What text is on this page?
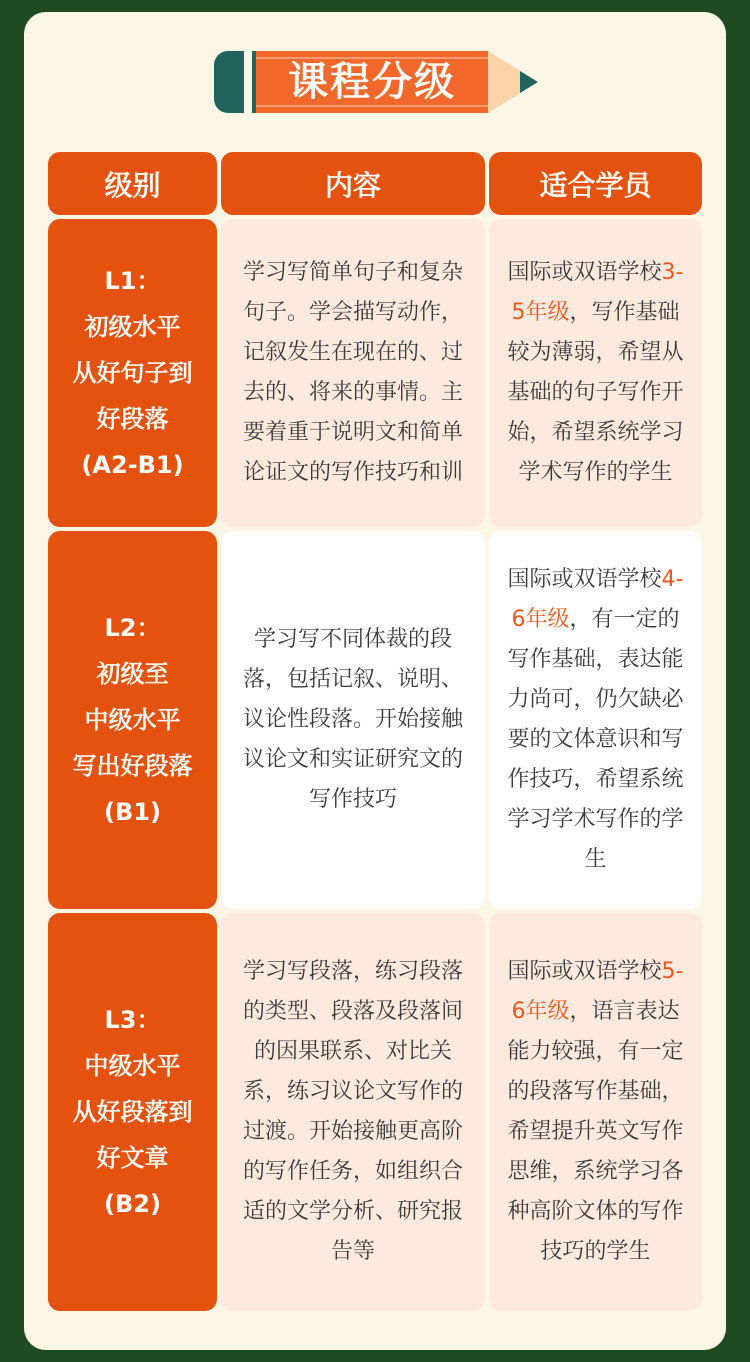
课程分级
级别	内容	适合学员
L1：
初级水平
从好句子到
好段落
(A2-B1)
学习写简单句子和复杂句子。学会描写动作，记叙发生在现在的、过去的、将来的事情。主要着重于说明文和简单论证文的写作技巧和训
国际或双语学校3-5年级，写作基础较为薄弱，希望从基础的句子写作开始，希望系统学习学术写作的学生
L2：
初级至
中级水平
写出好段落
(B1)
学习写不同体裁的段落，包括记叙、说明、议论性段落。开始接触议论文和实证研究文的写作技巧
国际或双语学校4-6年级，有一定的写作基础，表达能力尚可，仍欠缺必要的文体意识和写作技巧，希望系统学习学术写作的学生
L3：
中级水平
从好段落到
好文章
(B2)
学习写段落，练习段落的类型、段落及段落间的因果联系、对比关系，练习议论文写作的过渡。开始接触更高阶的写作任务，如组织合适的文学分析、研究报告等
国际或双语学校5-6年级，语言表达能力较强，有一定的段落写作基础，希望提升英文写作思维，系统学习各种高阶文体的写作技巧的学生
